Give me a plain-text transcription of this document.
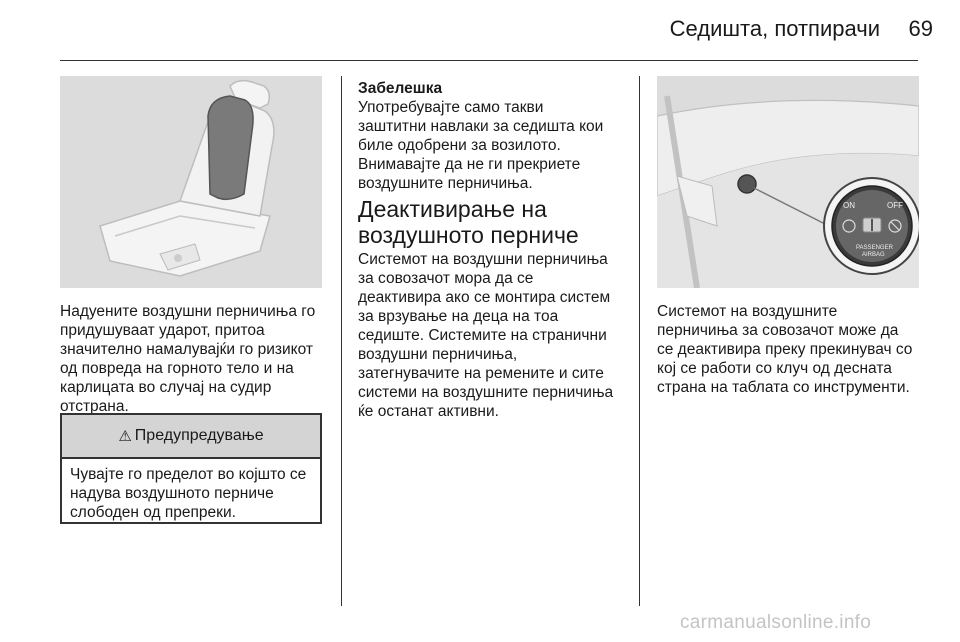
Седишта, потпирачи	69
Надуените воздушни перничиња го
придушуваат ударот, притоа
значително намалувајќи го ризикот
од повреда на горното тело и на
карлицата во случај на судир
отстрана.
⚠ Предупредување
Чувајте го пределот во којшто се
надува воздушното перниче
слободен од препреки.
Забелешка
Употребувајте само такви
заштитни навлаки за седишта кои
биле одобрени за возилото.
Внимавајте да не ги прекриете
воздушните перничиња.
Деактивирање на
воздушното перниче
Системот на воздушни перничиња
за совозачот мора да се
деактивира ако се монтира систем
за врзување на деца на тоа
седиште. Системите на странични
воздушни перничиња,
затегнувачите на ремените и сите
системи на воздушните перничиња
ќе останат активни.
ON	OFF
PASSENGER
AIRBAG
Системот на воздушните
перничиња за совозачот може да
се деактивира преку прекинувач со
кој се работи со клуч од десната
страна на таблата со инструменти.
carmanualsonline.info
